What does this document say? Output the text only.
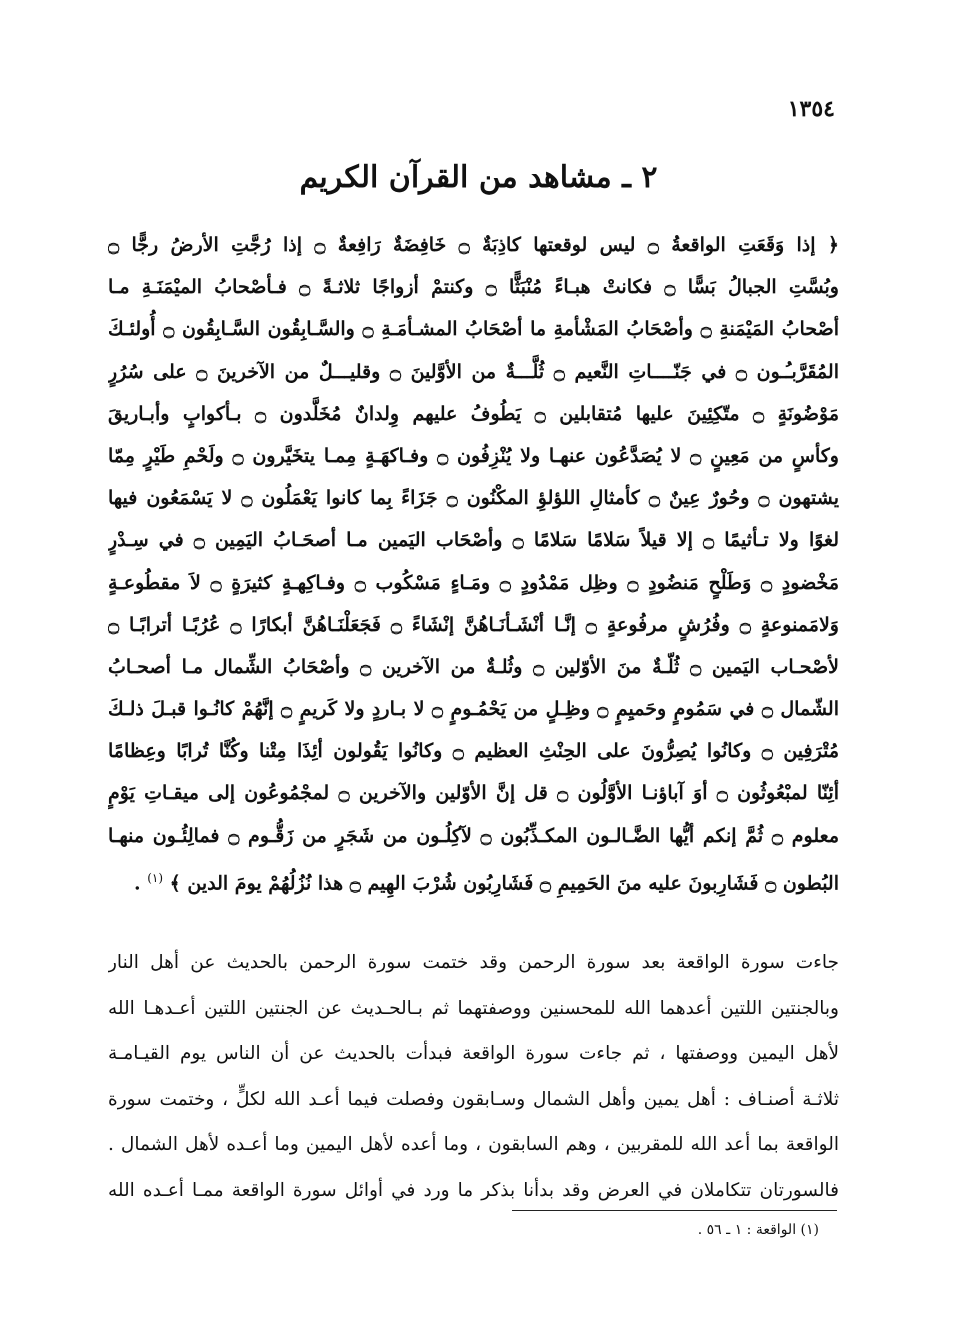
١٣٥٤
٢ ـ مشاهد من القرآن الكريم
﴿ إذا وَقَعَتِ الواقعةُ ۝ ليس لوقعتها كاذِبَةٌ ۝ خَافِضَةٌ رَافِعةٌ ۝ إذا رُجَّتِ الأرضُ رجًّا ۝
وبُسَّتِ الجبالُ بَسًّا ۝ فكانتْ هبـاءً مُنْبَثًّا ۝ وكنتمْ أزواجًا ثلاثـةً ۝ فـأصْحابُ الميْمَنَـةِ مـا
أصْحابُ المَيْمَنةِ ۝ وأصْحَابُ المَشْأمةِ ما أصْحَابُ المشـأمَـةِ ۝ والسَّـابِقُون السَّـابِقُون ۝ أُولئـكَ
المُقَرَّبـُـون ۝ في جَنّــــاتِ النَّعيم ۝ ثُلَّـــةٌ من الأوَّلينَ ۝ وقليـــلٌ من الآخرينَ ۝ على سُرُرٍ
مَوْضُونَةٍ ۝ متّكِئِينَ عليها مُتقابلين ۝ يَطُوفُ عليهم وِلدانٌ مُخَلَّدون ۝ بـأكوابٍ وأبـاريقَ
وكأسٍ من مَعِينٍ ۝ لا يُصَدَّعُون عنهـا ولا يُنْزِفُون ۝ وفـاكهَـةٍ مِمـا يتخَيَّرون ۝ ولَحْمِ طَيْرٍ مِمّا
يشتهون ۝ وحُورٌ عِينٌ ۝ كأمثالِ اللؤلؤِ المكْنُون ۝ جَزَاءً بِما كانوا يَعْمَلُون ۝ لا يَسْمَعُون فيها
لغوًا ولا تـأثيمًا ۝ إلا قيلاً سَلامًا سَلامًا ۝ وأصْحَاب اليَمين مـا أصحَـابُ اليَمِين ۝ في سِـدْرٍ
مَخْضودٍ ۝ وَطَلْحٍ مَنضُودٍ ۝ وظِل مَمْدُودٍ ۝ ومَـاءٍ مَسْكُوب ۝ وفـاكِهـةٍ كثيرَةٍ ۝ لاَ مقطُوعـةٍ
وَلامَمنوعةٍ ۝ وفُرُشٍ مرفُوعةٍ ۝ إنَّـا أنْشَـأنَـاهُنَّ إنْشَاءً ۝ فَجَعَلْنَـاهُنَّ أبكارًا ۝ عُرُبًـا أترابًـا ۝
لأصْحـاب اليَمين ۝ ثُلّـةٌ منَ الأوّلين ۝ وثُلـةٌ من الآخرين ۝ وأصْحَابُ الشِّمال مـا أصحـابُ
الشّمال ۝ في سَمُومٍ وحَميِمٍ ۝ وظِـلٍ من يَحْمُـومٍ ۝ لا بـاردٍ ولا كَريمٍ ۝ إنَّهُمْ كانُـوا قبـلَ ذلـكَ
مُتْرَفِين ۝ وكانُوا يُصِرُّونَ على الحِنْثِ العظيم ۝ وكانُوا يَقُولون أئِذَا مِتْنا وكُنَّا تُرابًا وعِظامًا
أئِنّا لمبْعُوثُون ۝ أوَ آباؤنـا الأوَّلُون ۝ قل إنَّ الأوّلين والآخرين ۝ لمجْمُوعُون إلى ميقـاتِ يَوْمٍ
معلوم ۝ ثُمَّ إنكم أيُّها الضَّـالـون المكـذِّبُون ۝ لآكِلُـون من شَجَرٍ من زَقُّـوم ۝ فمالِئُـون منهـا
البُطون ۝ فَشَارِبونَ عليه منَ الحَمِيمِ ۝ فَشَارِبُون شُرْبَ الهِيم ۝ هذا نُزُلُهُمْ يومَ الدين ﴾ $^{(١)}$ .
جاءت سورة الواقعة بعد سورة الرحمن وقد ختمت سورة الرحمن بالحديث عن أهل النار
وبالجنتين اللتين أعدهما الله للمحسنين ووصفتهما ثم بـالحـديث عن الجنتين اللتين أعـدهـا الله
لأهل اليمين ووصفتها ، ثم جاءت سورة الواقعة فبدأت بالحديث عن أن الناس يوم القيـامـة
ثلاثـة أصنـاف : أهل يمين وأهل الشمال وسـابقون وفصلت فيما أعـد الله لكلٍّ ، وختمت سورة
الواقعة بما أعد الله للمقربين ، وهم السابقون ، وما أعده لأهل اليمين وما أعـده لأهل الشمال .
فالسورتان تتكاملان في العرض وقد بدأنا بذكر ما ورد في أوائل سورة الواقعة ممـا أعـده الله
(١) الواقعة : ١ ـ ٥٦ .
